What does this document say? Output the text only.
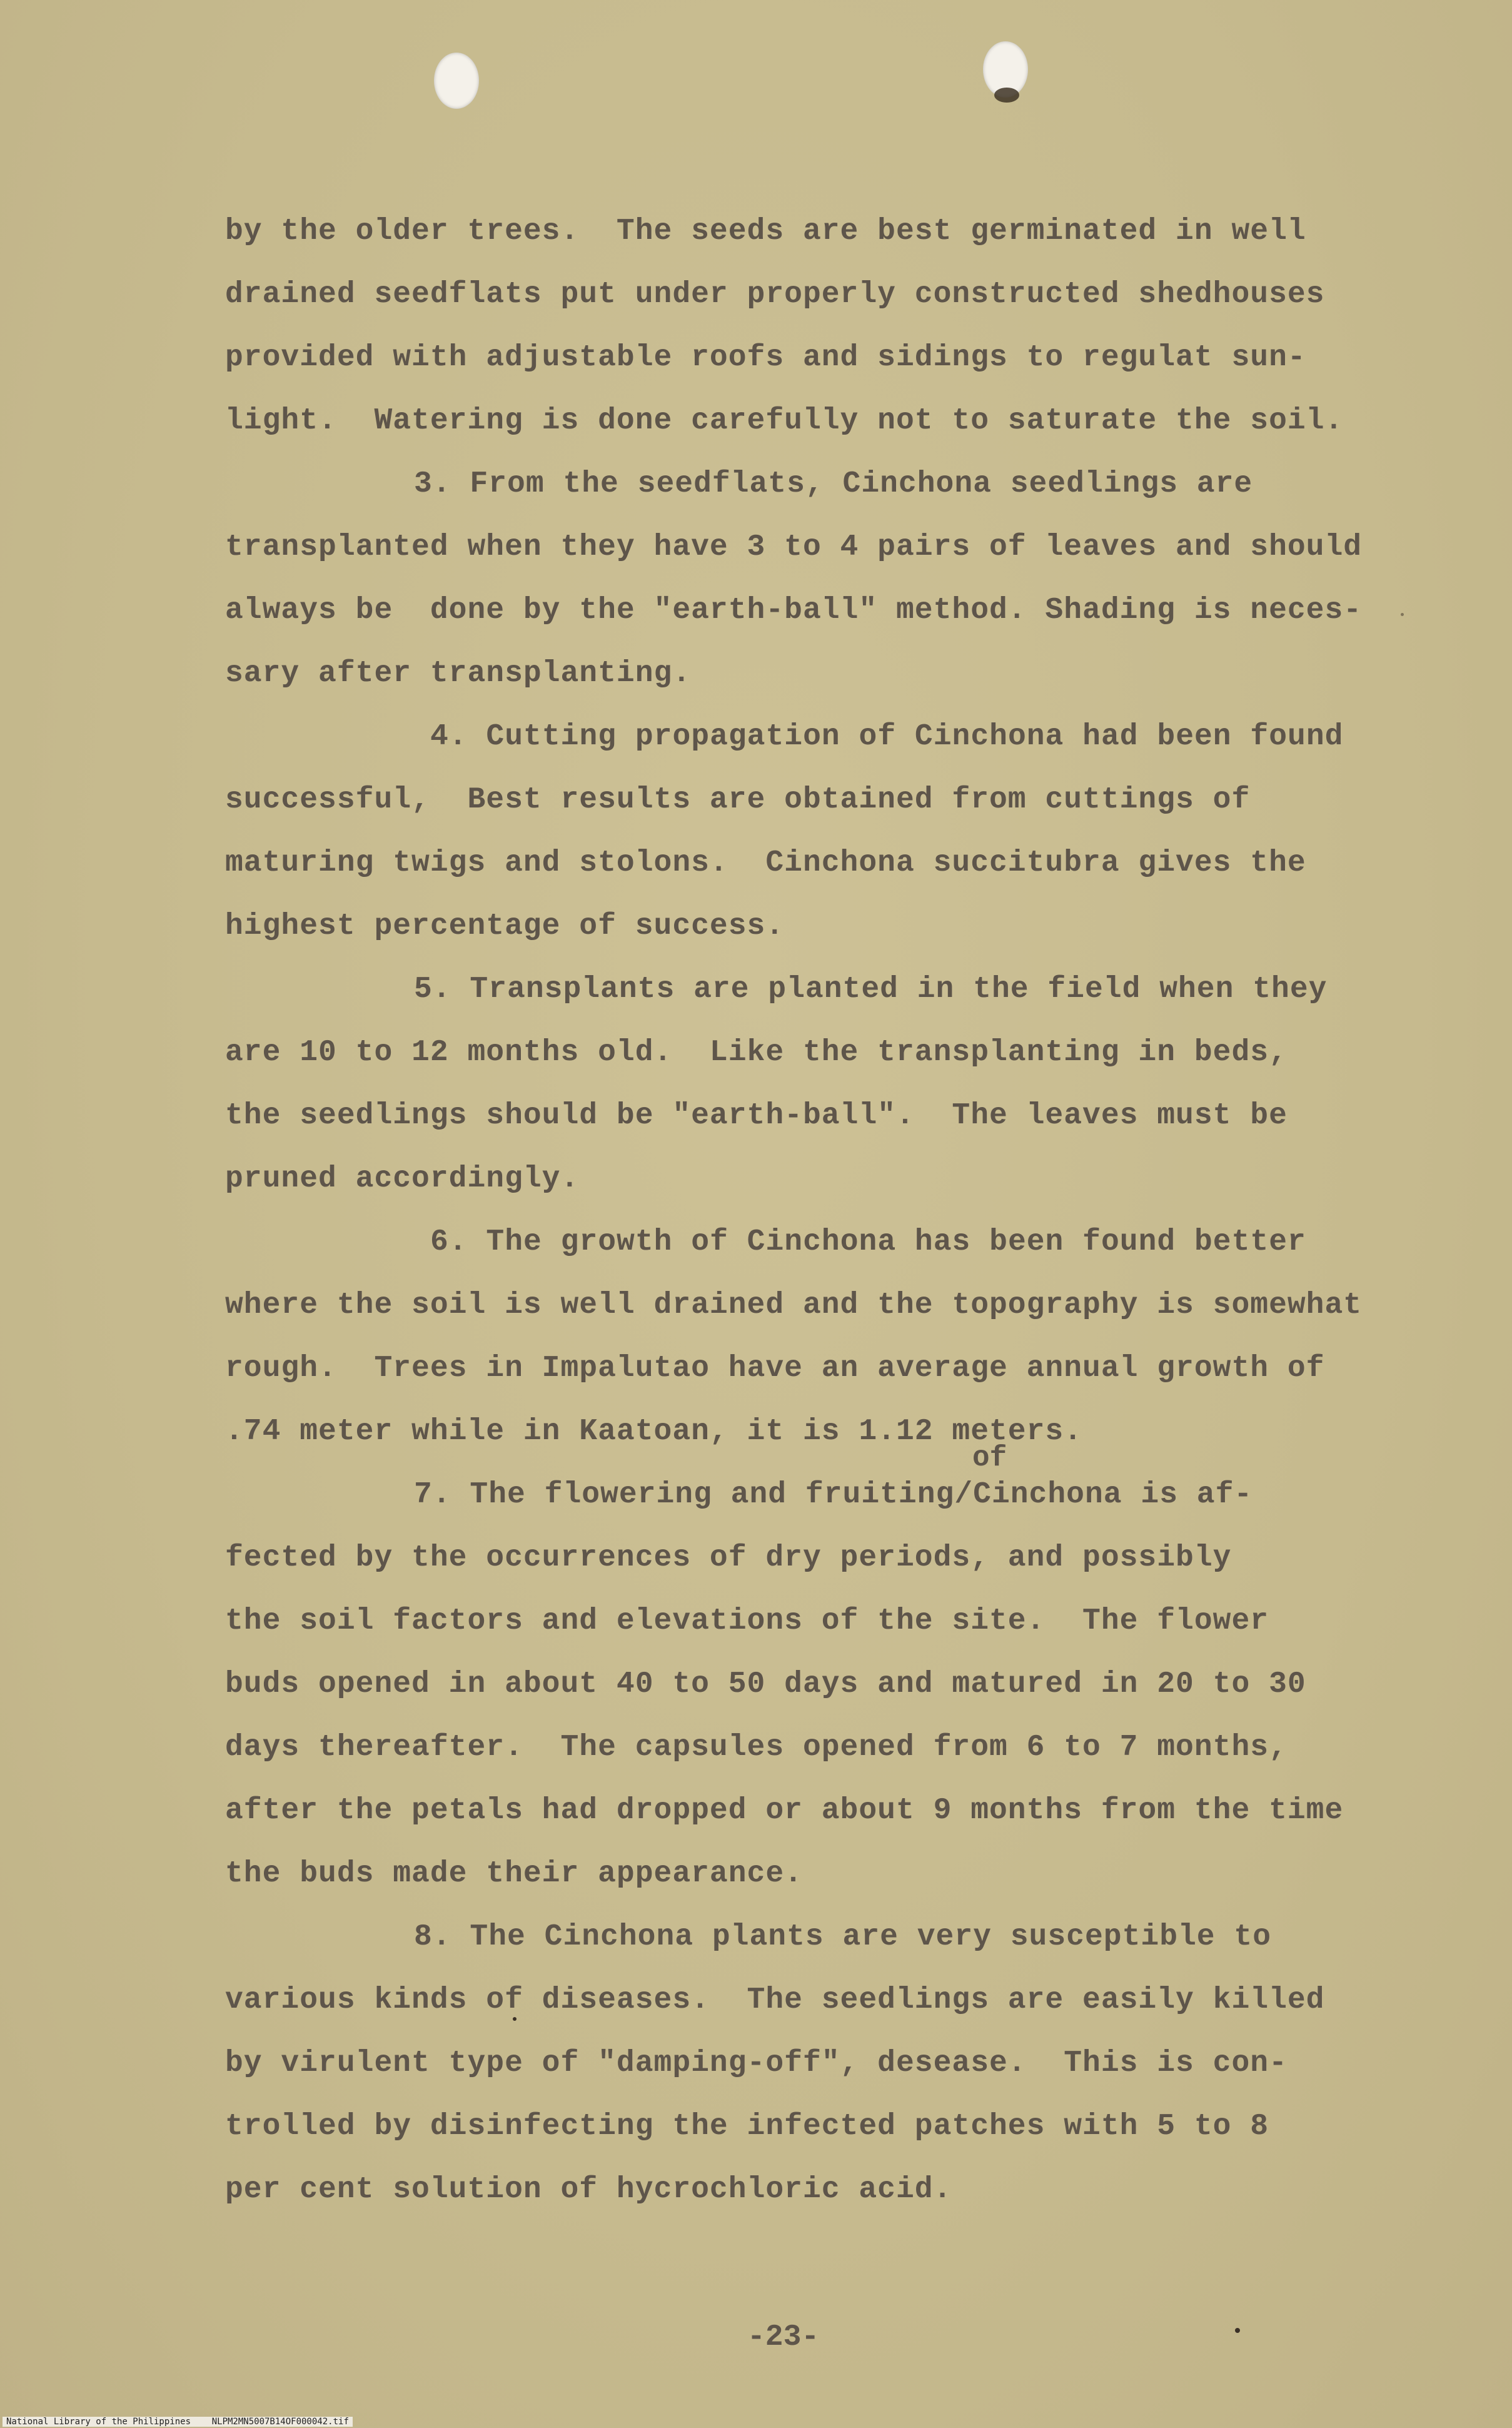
by the older trees.  The seeds are best germinated in well
drained seedflats put under properly constructed shedhouses
provided with adjustable roofs and sidings to regulat sun-
light.  Watering is done carefully not to saturate the soil.
3. From the seedflats, Cinchona seedlings are
transplanted when they have 3 to 4 pairs of leaves and should
always be  done by the "earth-ball" method. Shading is neces-
sary after transplanting.
4. Cutting propagation of Cinchona had been found
successful,  Best results are obtained from cuttings of
maturing twigs and stolons.  Cinchona succitubra gives the
highest percentage of success.
5. Transplants are planted in the field when they
are 10 to 12 months old.  Like the transplanting in beds,
the seedlings should be "earth-ball".  The leaves must be
pruned accordingly.
6. The growth of Cinchona has been found better
where the soil is well drained and the topography is somewhat
rough.  Trees in Impalutao have an average annual growth of
.74 meter while in Kaatoan, it is 1.12 meters.
of
7. The flowering and fruiting/Cinchona is af-
fected by the occurrences of dry periods, and possibly
the soil factors and elevations of the site.  The flower
buds opened in about 40 to 50 days and matured in 20 to 30
days thereafter.  The capsules opened from 6 to 7 months,
after the petals had dropped or about 9 months from the time
the buds made their appearance.
8. The Cinchona plants are very susceptible to
various kinds of diseases.  The seedlings are easily killed
by virulent type of "damping-off", desease.  This is con-
trolled by disinfecting the infected patches with 5 to 8
per cent solution of hycrochloric acid.
-23-
National Library of the Philippines    NLPM2MN5007B14OF000042.tif
